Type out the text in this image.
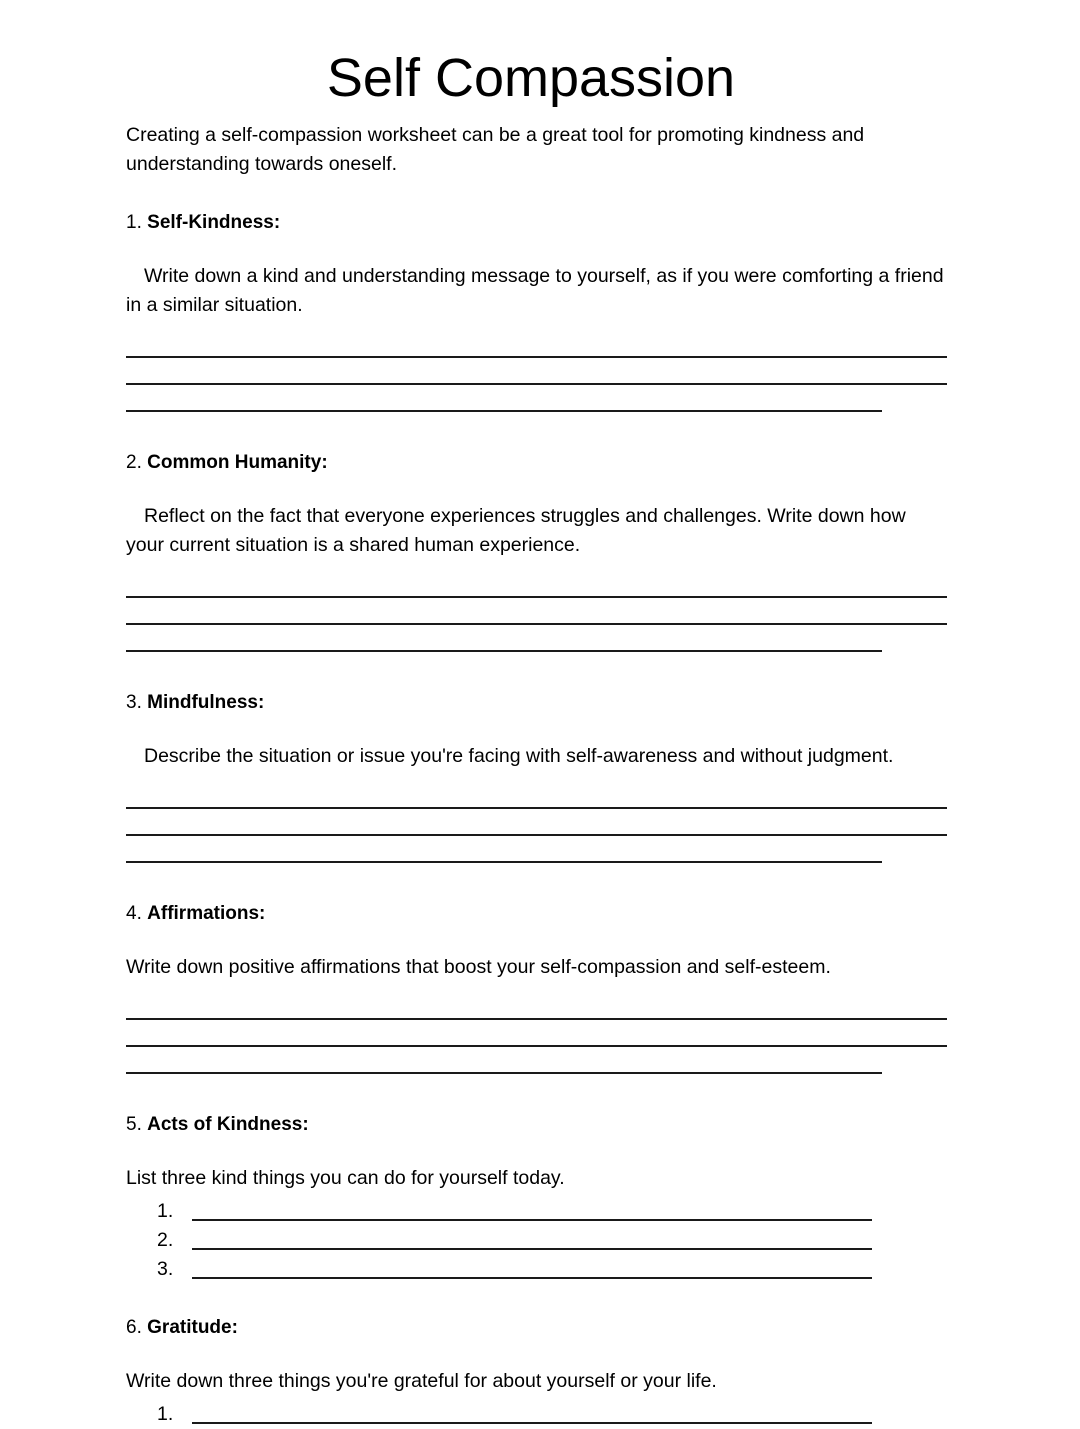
Self Compassion

Creating a self-compassion worksheet can be a great tool for promoting kindness and understanding towards oneself.

1. Self-Kindness:

Write down a kind and understanding message to yourself, as if you were comforting a friend in a similar situation.

2. Common Humanity:

Reflect on the fact that everyone experiences struggles and challenges. Write down how your current situation is a shared human experience.

3. Mindfulness:

Describe the situation or issue you're facing with self-awareness and without judgment.

4. Affirmations:

Write down positive affirmations that boost your self-compassion and self-esteem.

5. Acts of Kindness:

List three kind things you can do for yourself today.

1.
2.
3.
6. Gratitude:

Write down three things you're grateful for about yourself or your life.

1.
